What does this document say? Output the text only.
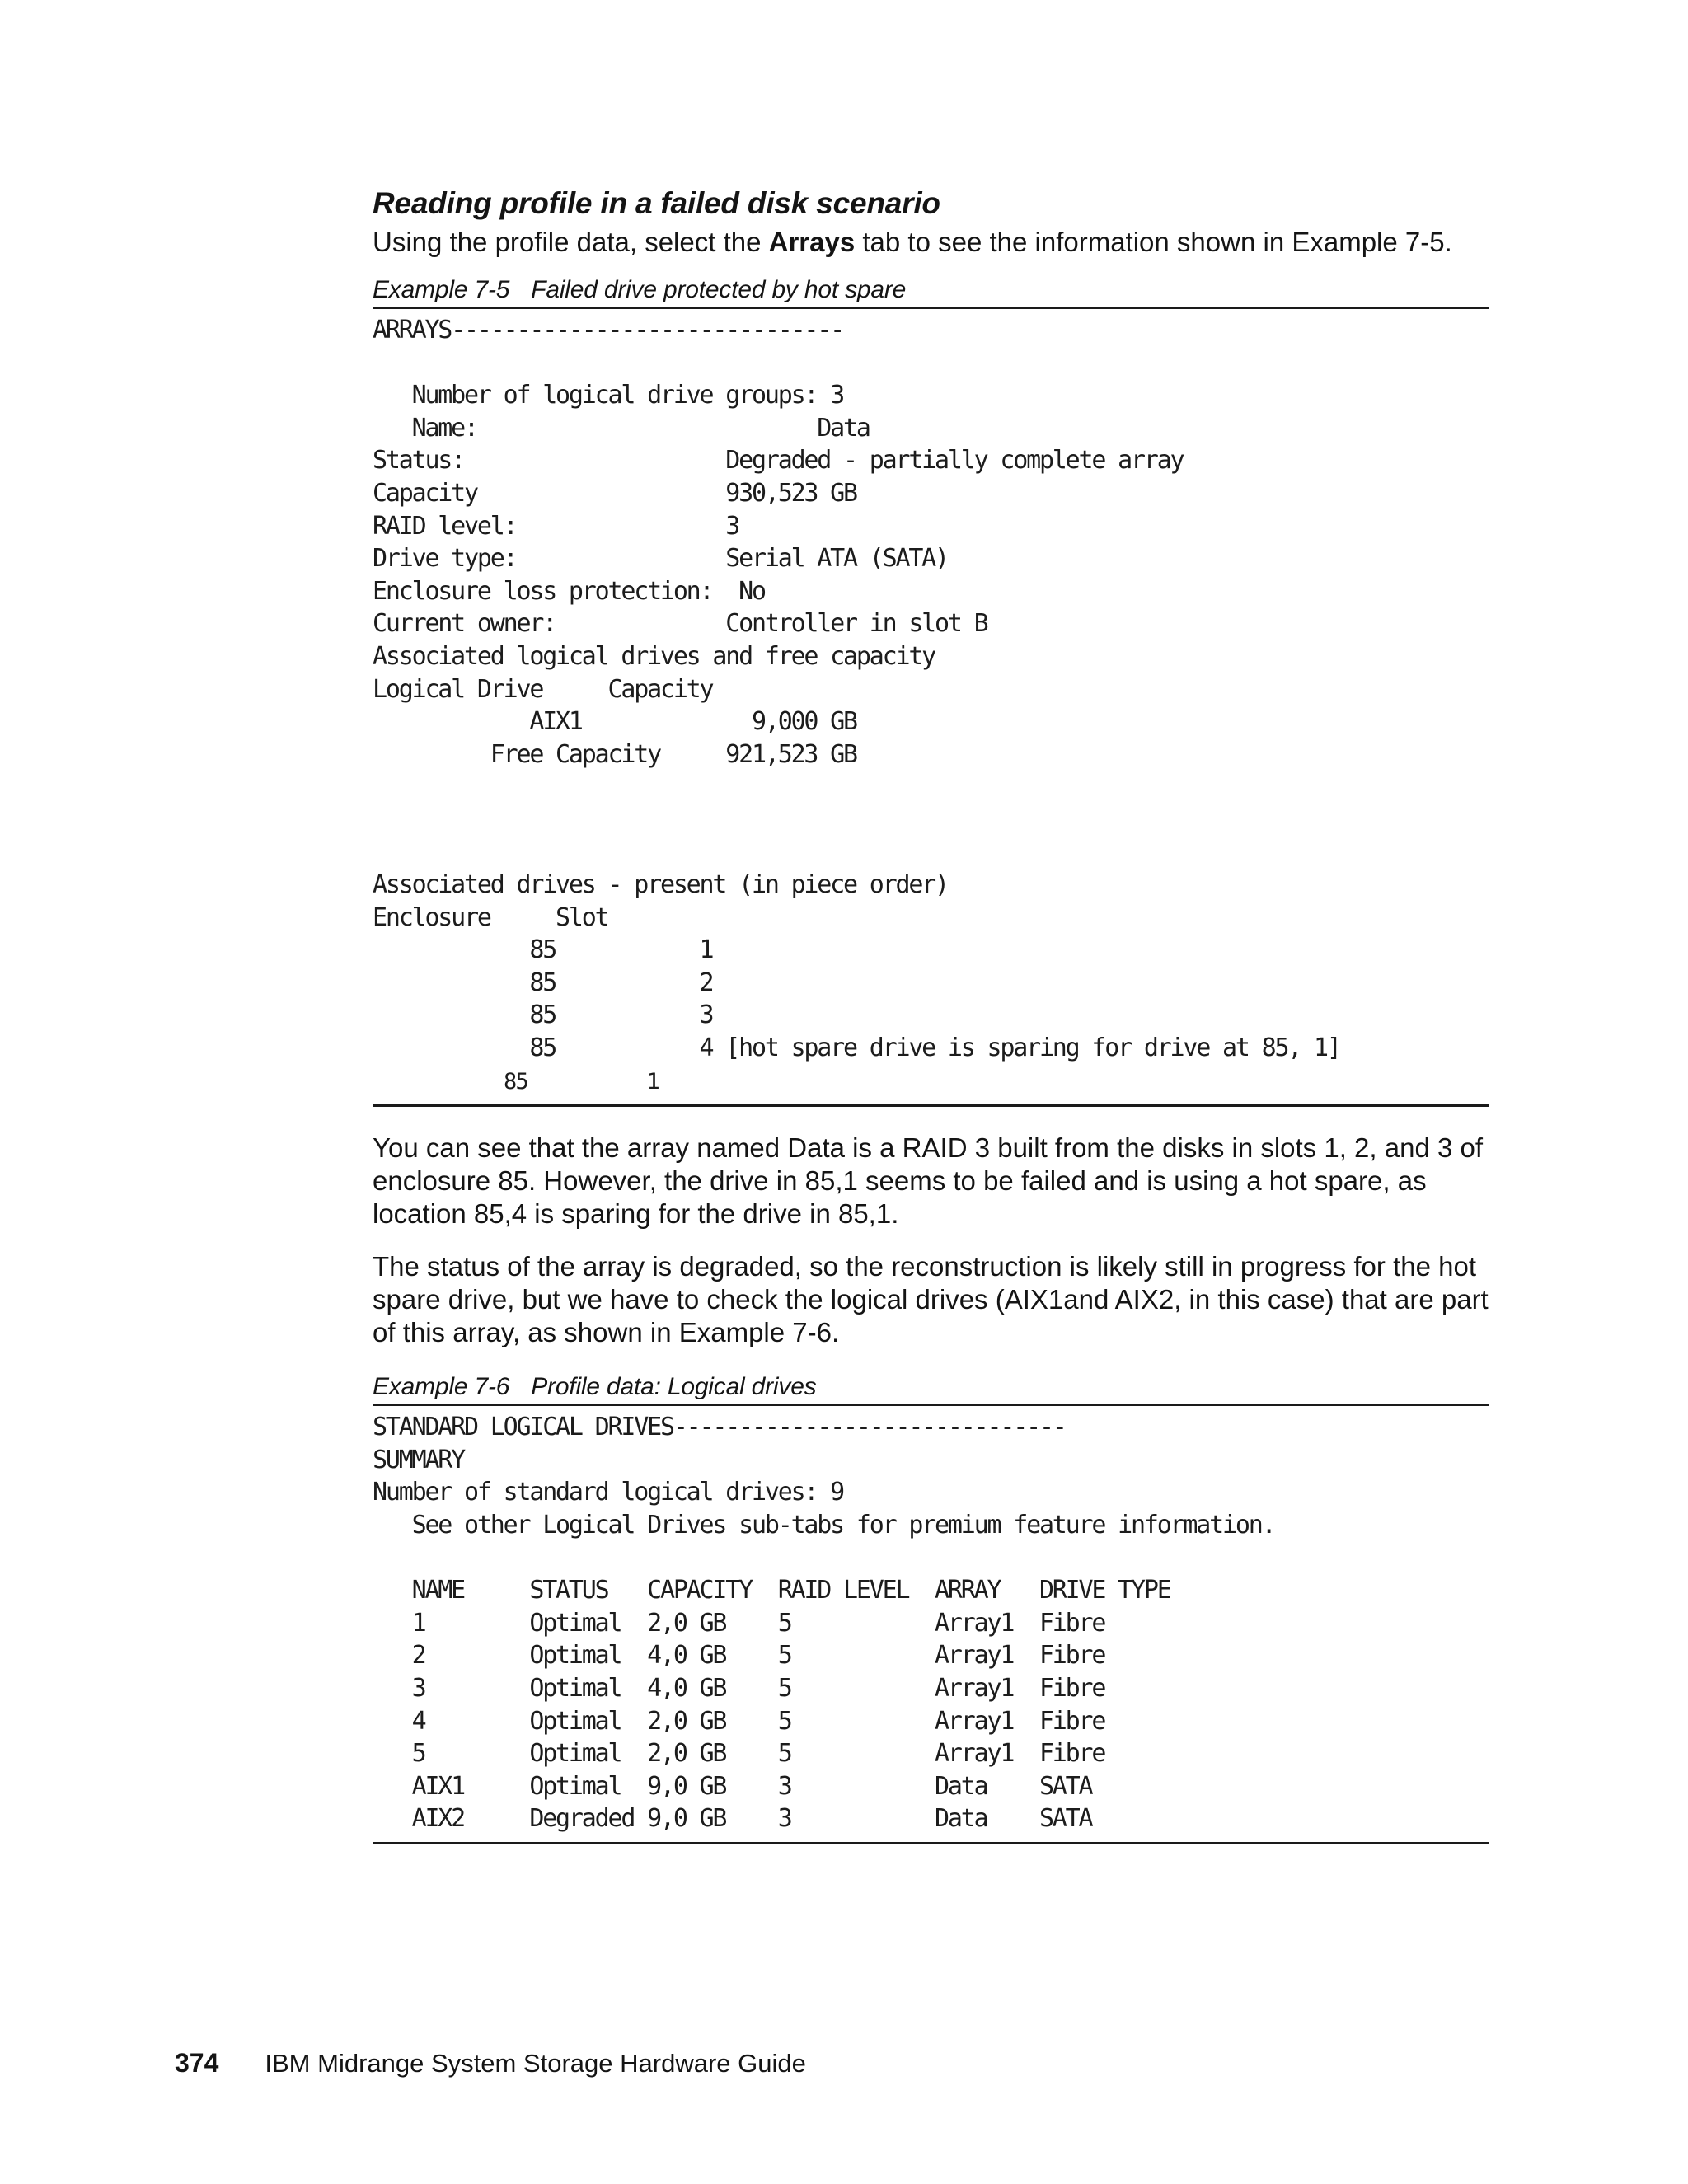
Reading profile in a failed disk scenario

Using the profile data, select the Arrays tab to see the information shown in Example 7-5.

Example 7-5 Failed drive protected by hot spare

ARRAYS------------------------------

Number of logical drive groups: 3
Name:                          Data
Status:                    Degraded - partially complete array
Capacity                   930,523 GB
RAID level:                3
Drive type:                Serial ATA (SATA)
Enclosure loss protection:  No
Current owner:             Controller in slot B
Associated logical drives and free capacity
Logical Drive     Capacity
AIX1             9,000 GB
Free Capacity     921,523 GB

Associated drives - present (in piece order)
Enclosure     Slot
85           1
85           2
85           3
85           4 [hot spare drive is sparing for drive at 85, 1]
85          1

You can see that the array named Data is a RAID 3 built from the disks in slots 1, 2, and 3 of enclosure 85. However, the drive in 85,1 seems to be failed and is using a hot spare, as location 85,4 is sparing for the drive in 85,1.

The status of the array is degraded, so the reconstruction is likely still in progress for the hot spare drive, but we have to check the logical drives (AIX1and AIX2, in this case) that are part of this array, as shown in Example 7-6.

Example 7-6 Profile data: Logical drives

STANDARD LOGICAL DRIVES------------------------------
SUMMARY
Number of standard logical drives: 9
See other Logical Drives sub-tabs for premium feature information.

NAME     STATUS   CAPACITY  RAID LEVEL  ARRAY   DRIVE TYPE
1        Optimal  2,0 GB    5           Array1  Fibre
2        Optimal  4,0 GB    5           Array1  Fibre
3        Optimal  4,0 GB    5           Array1  Fibre
4        Optimal  2,0 GB    5           Array1  Fibre
5        Optimal  2,0 GB    5           Array1  Fibre
AIX1     Optimal  9,0 GB    3           Data    SATA
AIX2     Degraded 9,0 GB    3           Data    SATA
374 IBM Midrange System Storage Hardware Guide
